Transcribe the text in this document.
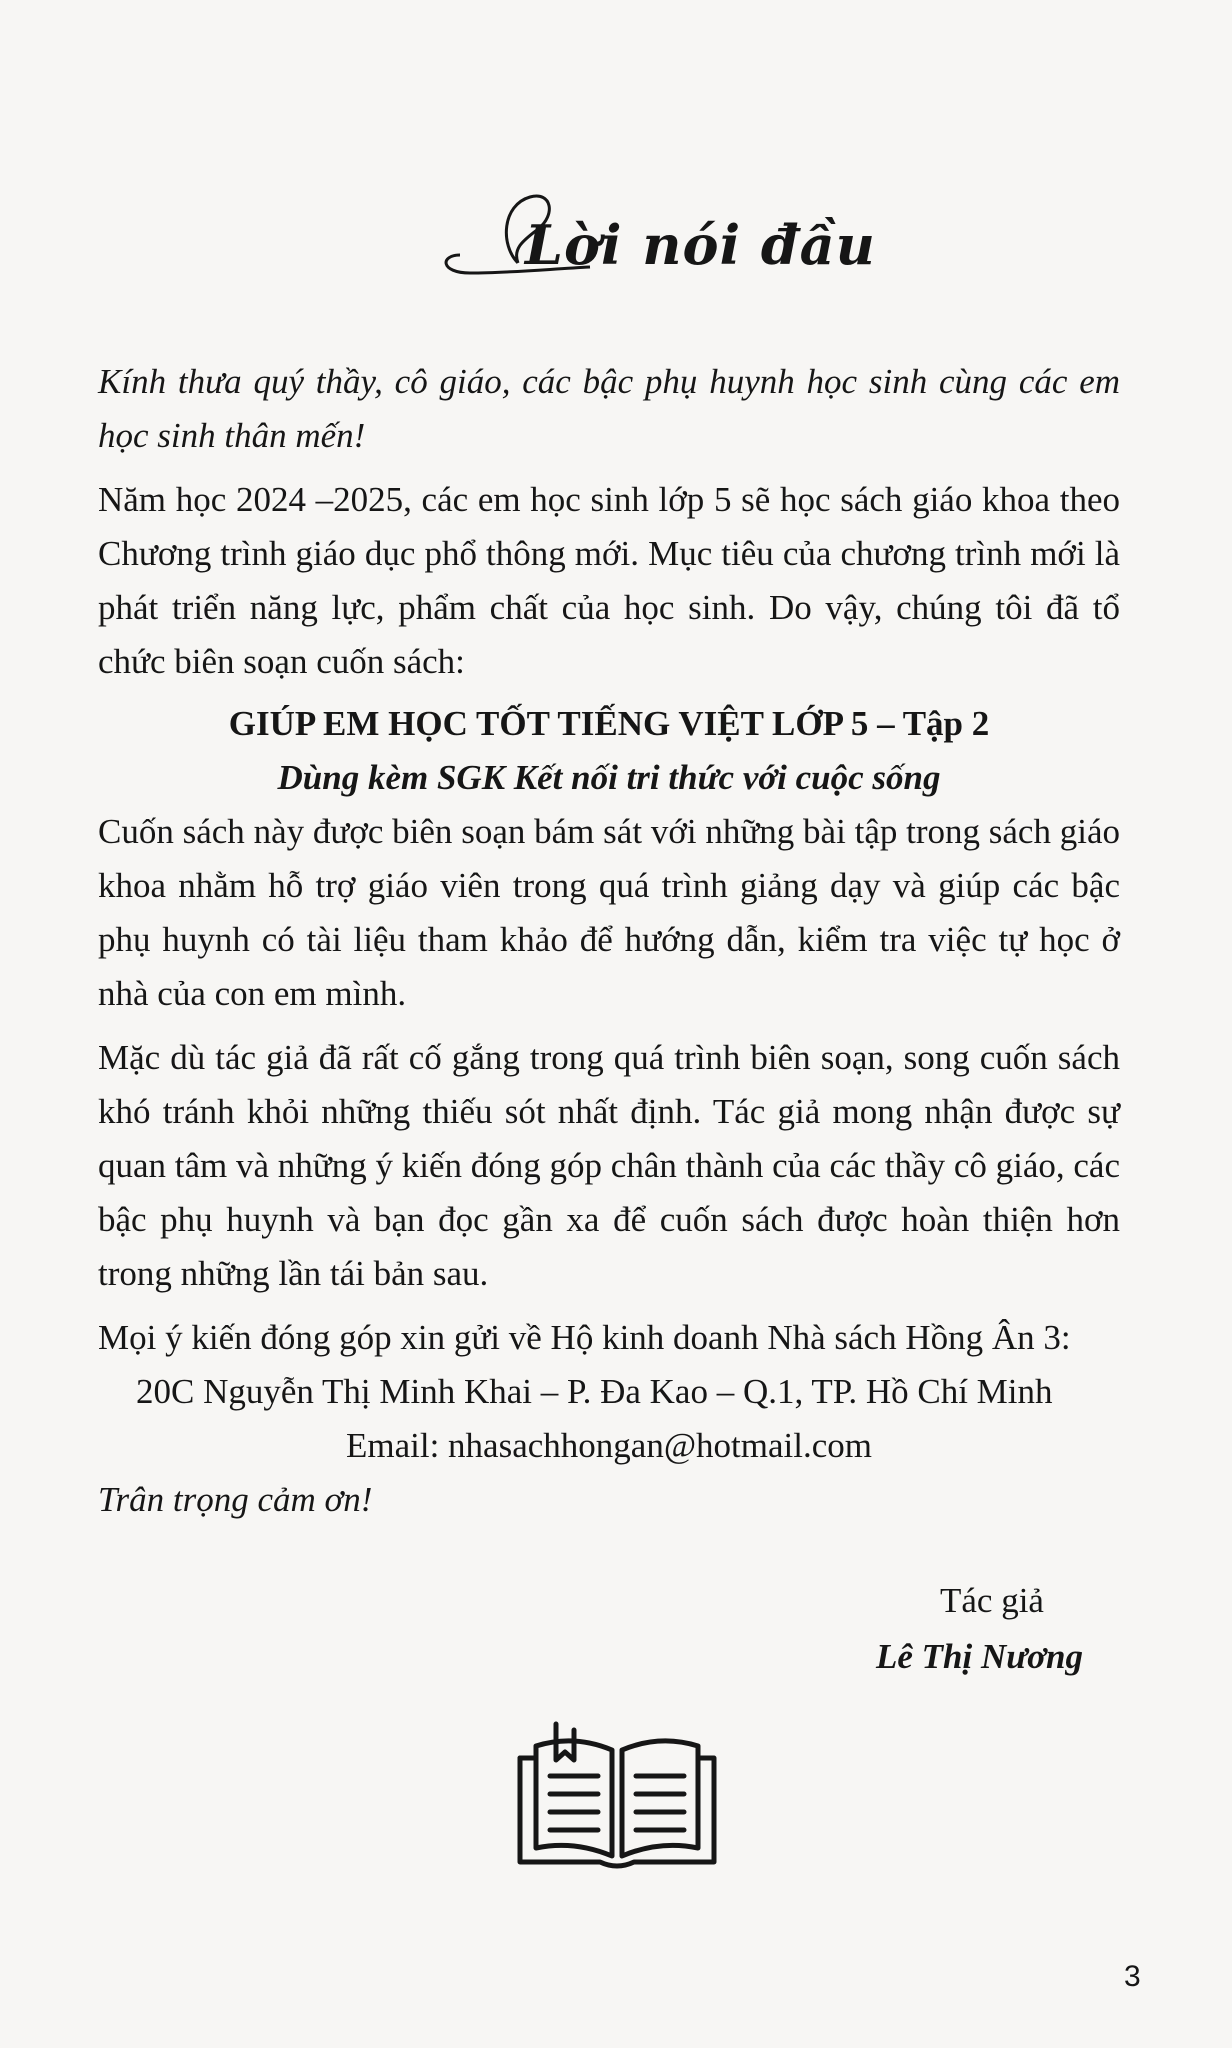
Lời nói đầu

Kính thưa quý thầy, cô giáo, các bậc phụ huynh học sinh cùng các em học sinh thân mến!

Năm học 2024 –2025, các em học sinh lớp 5 sẽ học sách giáo khoa theo Chương trình giáo dục phổ thông mới. Mục tiêu của chương trình mới là phát triển năng lực, phẩm chất của học sinh. Do vậy, chúng tôi đã tổ chức biên soạn cuốn sách:

GIÚP EM HỌC TỐT TIẾNG VIỆT LỚP 5 – Tập 2

Dùng kèm SGK Kết nối tri thức với cuộc sống

Cuốn sách này được biên soạn bám sát với những bài tập trong sách giáo khoa nhằm hỗ trợ giáo viên trong quá trình giảng dạy và giúp các bậc phụ huynh có tài liệu tham khảo để hướng dẫn, kiểm tra việc tự học ở nhà của con em mình.

Mặc dù tác giả đã rất cố gắng trong quá trình biên soạn, song cuốn sách khó tránh khỏi những thiếu sót nhất định. Tác giả mong nhận được sự quan tâm và những ý kiến đóng góp chân thành của các thầy cô giáo, các bậc phụ huynh và bạn đọc gần xa để cuốn sách được hoàn thiện hơn trong những lần tái bản sau.

Mọi ý kiến đóng góp xin gửi về Hộ kinh doanh Nhà sách Hồng Ân 3:

20C Nguyễn Thị Minh Khai – P. Đa Kao – Q.1, TP. Hồ Chí Minh

Email: nhasachhongan@hotmail.com

Trân trọng cảm ơn!

Tác giả
Lê Thị Nương
3
